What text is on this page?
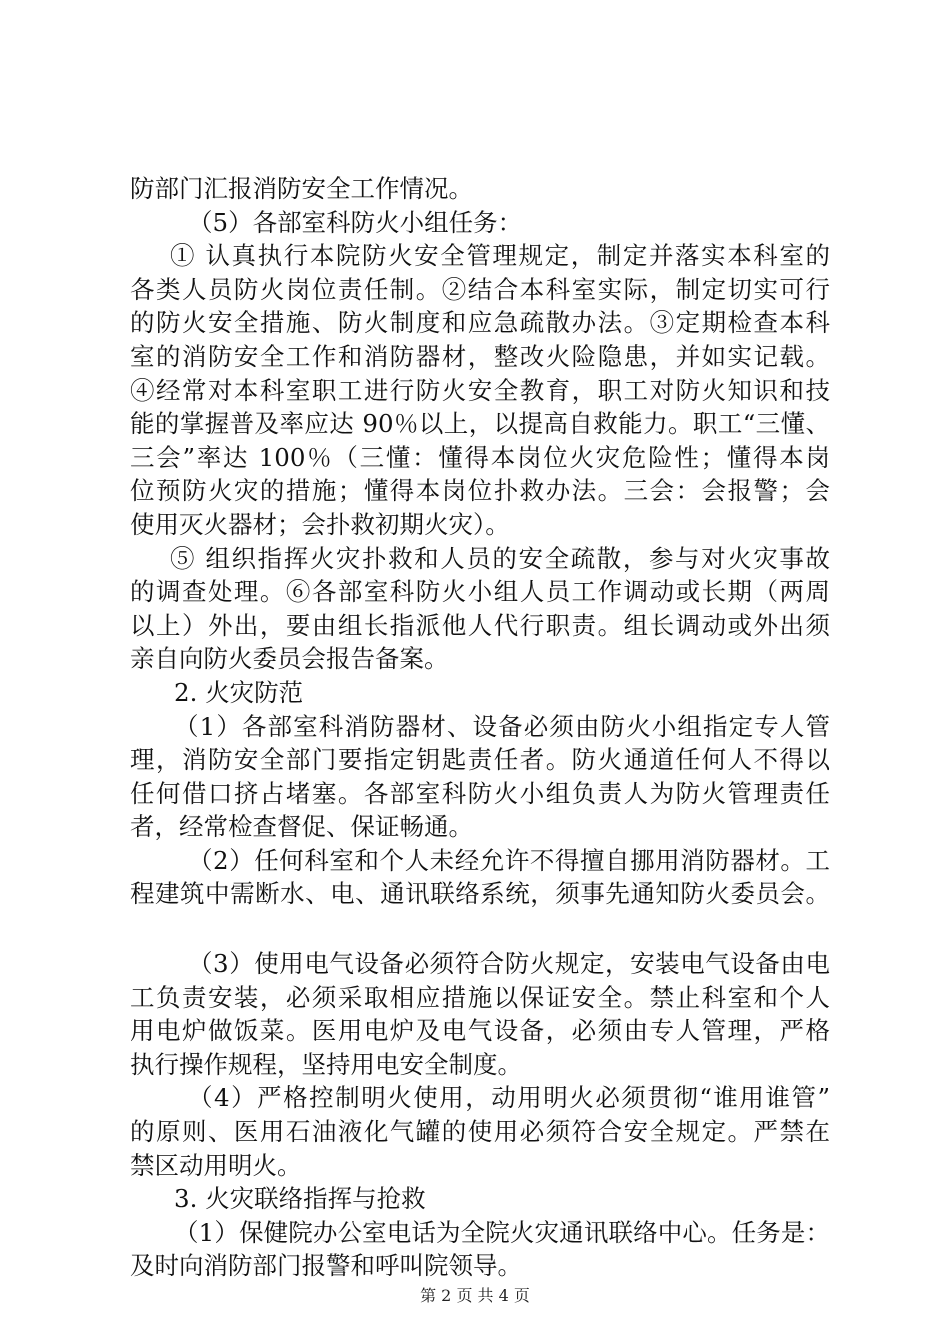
防部门汇报消防安全工作情况。
（5）各部室科防火小组任务：
① 认真执行本院防火安全管理规定，制定并落实本科室的
各类人员防火岗位责任制。②结合本科室实际，制定切实可行
的防火安全措施、防火制度和应急疏散办法。③定期检查本科
室的消防安全工作和消防器材，整改火险隐患，并如实记载。
④经常对本科室职工进行防火安全教育，职工对防火知识和技
能的掌握普及率应达 90％以上，以提高自救能力。职工“三懂、
三会”率达 100％（三懂：懂得本岗位火灾危险性；懂得本岗
位预防火灾的措施；懂得本岗位扑救办法。三会：会报警；会
使用灭火器材；会扑救初期火灾）。
⑤ 组织指挥火灾扑救和人员的安全疏散，参与对火灾事故
的调查处理。⑥各部室科防火小组人员工作调动或长期（两周
以上）外出，要由组长指派他人代行职责。组长调动或外出须
亲自向防火委员会报告备案。
2. 火灾防范
（1）各部室科消防器材、设备必须由防火小组指定专人管
理，消防安全部门要指定钥匙责任者。防火通道任何人不得以
任何借口挤占堵塞。各部室科防火小组负责人为防火管理责任
者，经常检查督促、保证畅通。
（2）任何科室和个人未经允许不得擅自挪用消防器材。工
程建筑中需断水、电、通讯联络系统，须事先通知防火委员会。
（3）使用电气设备必须符合防火规定，安装电气设备由电
工负责安装，必须采取相应措施以保证安全。禁止科室和个人
用电炉做饭菜。医用电炉及电气设备，必须由专人管理，严格
执行操作规程，坚持用电安全制度。
（4）严格控制明火使用，动用明火必须贯彻“谁用谁管”
的原则、医用石油液化气罐的使用必须符合安全规定。严禁在
禁区动用明火。
3. 火灾联络指挥与抢救
（1）保健院办公室电话为全院火灾通讯联络中心。任务是：
及时向消防部门报警和呼叫院领导。
第 2 页 共 4 页
